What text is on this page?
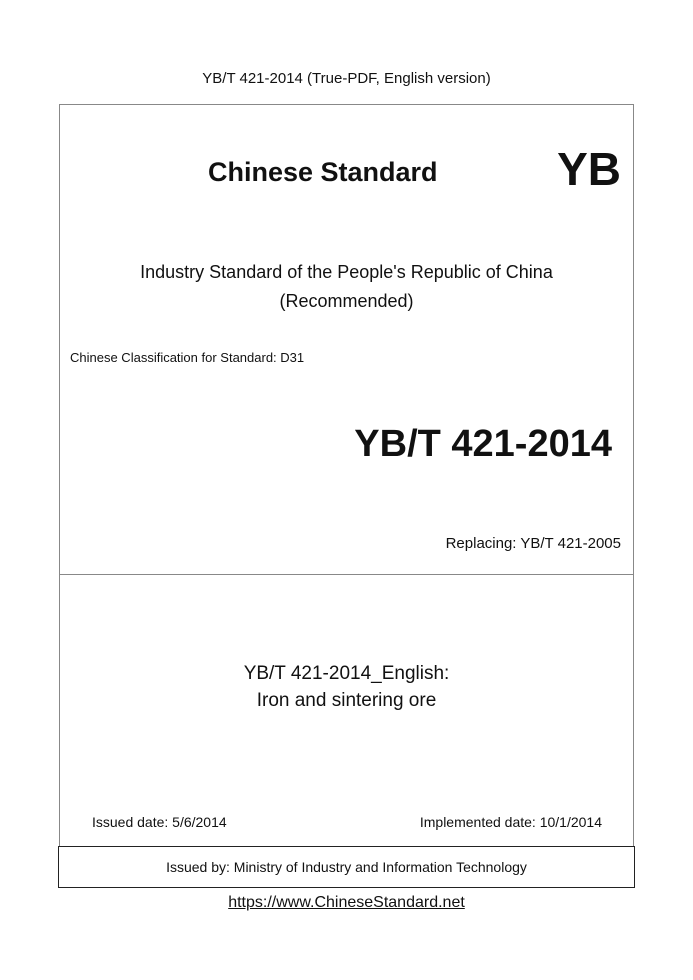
YB/T 421-2014 (True-PDF, English version)
Chinese Standard	YB
Industry Standard of the People's Republic of China
(Recommended)
Chinese Classification for Standard: D31
YB/T 421-2014
Replacing: YB/T 421-2005
YB/T 421-2014_English:
Iron and sintering ore
Issued date: 5/6/2014	Implemented date: 10/1/2014
Issued by: Ministry of Industry and Information Technology
https://www.ChineseStandard.net
